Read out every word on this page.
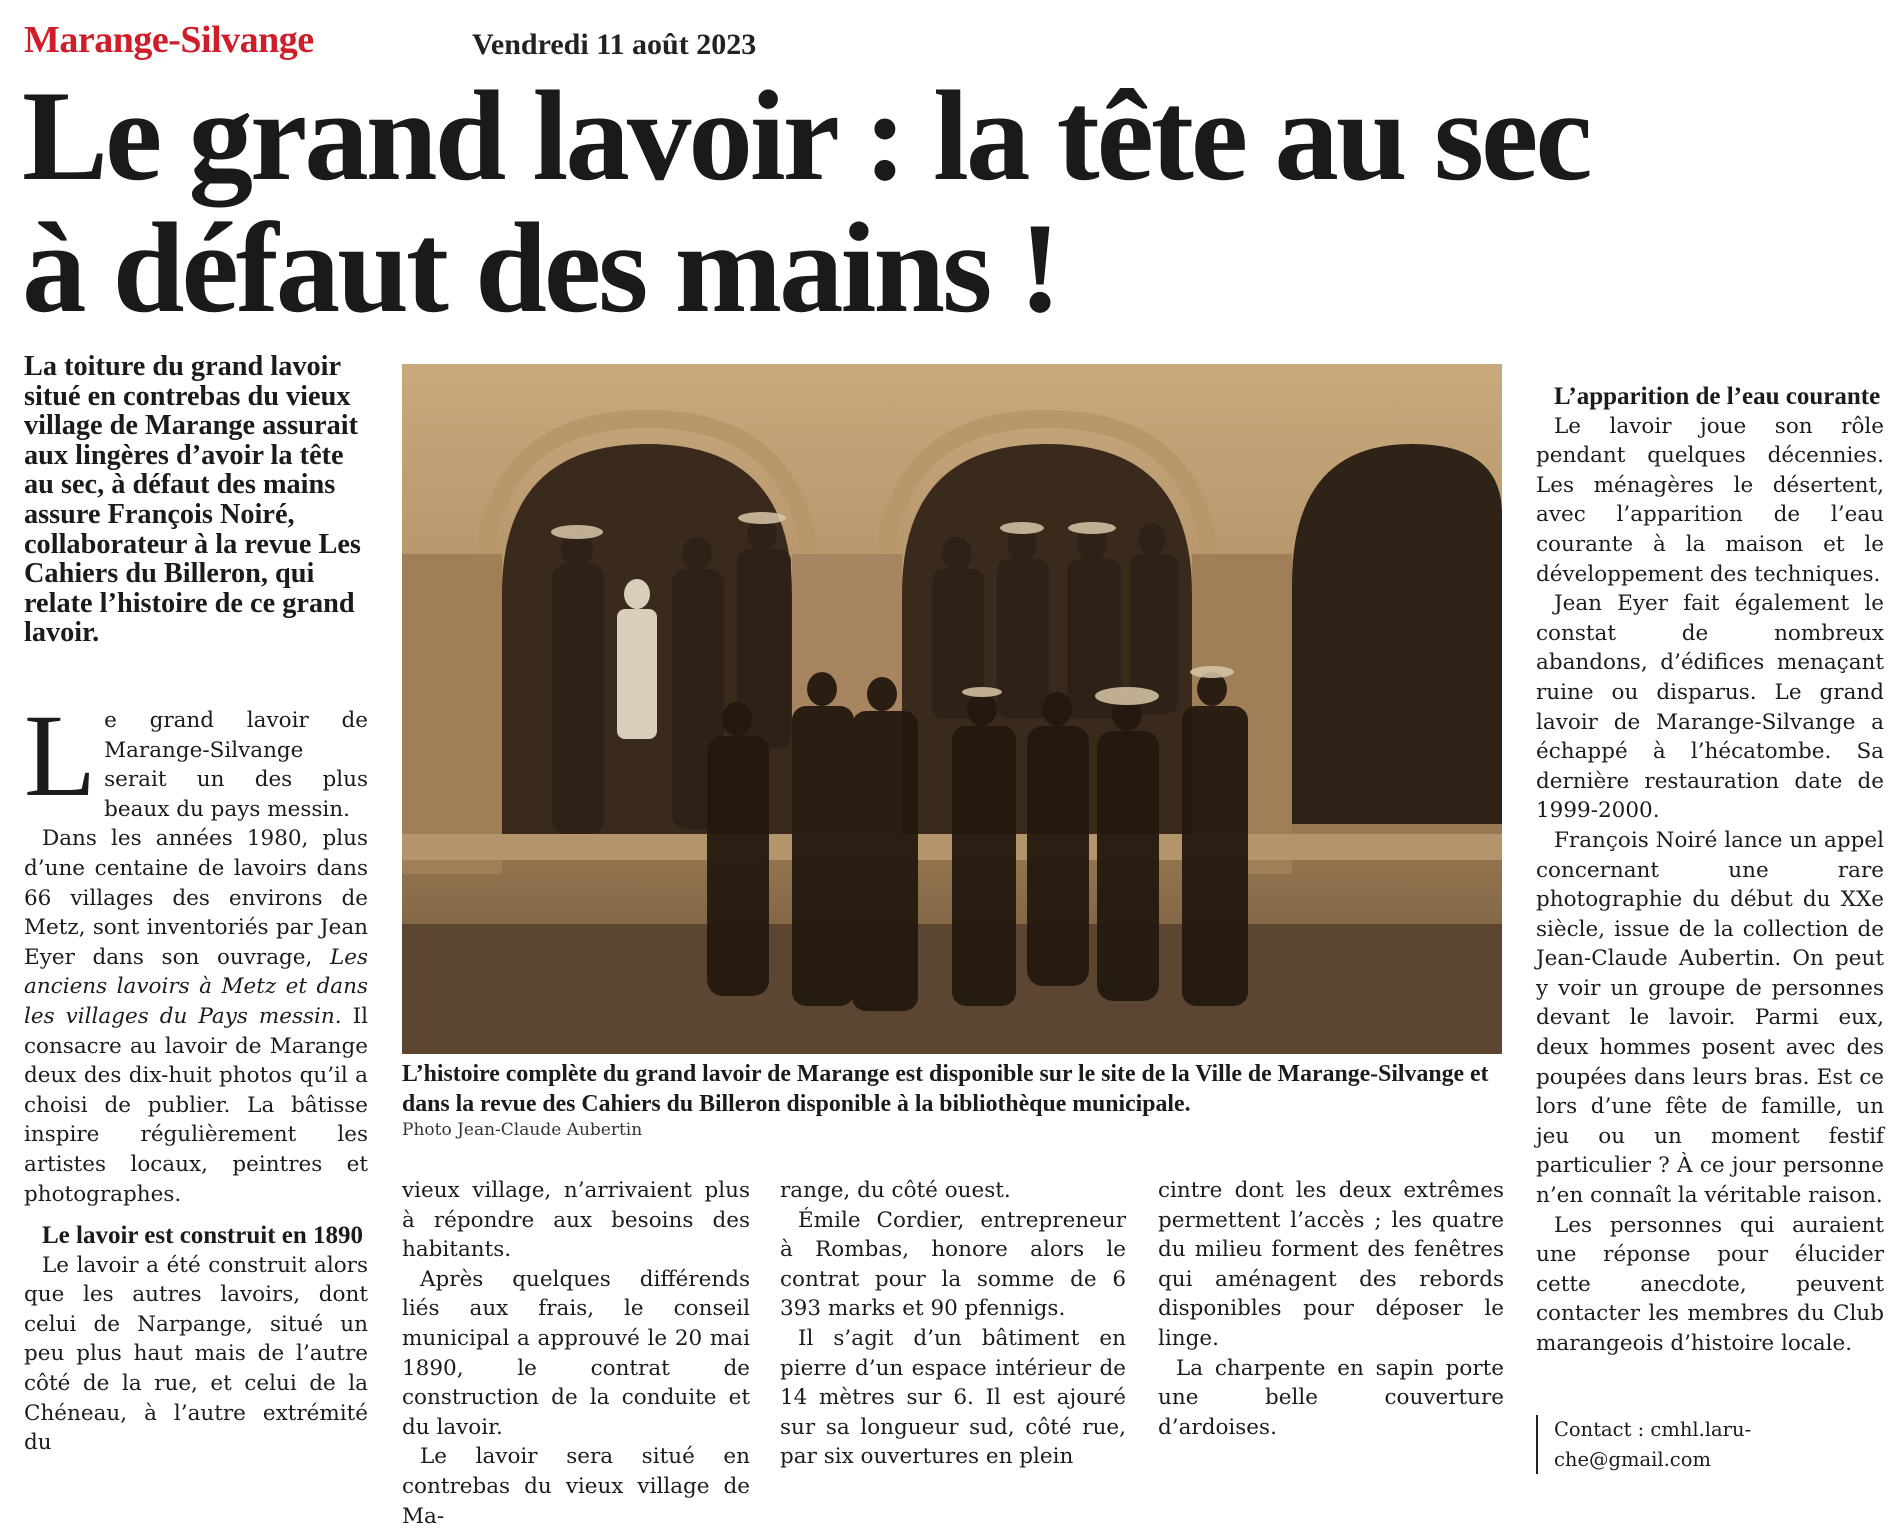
Marange-Silvange	Vendredi 11 août 2023
Le grand lavoir : la tête au sec
à défaut des mains !
La toiture du grand lavoir situé en contrebas du vieux village de Marange assurait aux lingères d’avoir la tête au sec, à défaut des mains assure François Noiré, collaborateur à la revue Les Cahiers du Billeron, qui relate l’histoire de ce grand lavoir.

Le grand lavoir de Marange-Silvange serait un des plus beaux du pays messin.

Dans les années 1980, plus d’une centaine de lavoirs dans 66 villages des environs de Metz, sont inventoriés par Jean Eyer dans son ouvrage, Les anciens lavoirs à Metz et dans les villages du Pays messin. Il consacre au lavoir de Marange deux des dix-huit photos qu’il a choisi de publier. La bâtisse inspire régulièrement les artistes locaux, peintres et photographes.

Le lavoir est construit en 1890

Le lavoir a été construit alors que les autres lavoirs, dont celui de Narpange, situé un peu plus haut mais de l’autre côté de la rue, et celui de la Chéneau, à l’autre extrémité du

L’histoire complète du grand lavoir de Marange est disponible sur le site de la Ville de Marange-Silvange et dans la revue des Cahiers du Billeron disponible à la bibliothèque municipale.
Photo Jean-Claude Aubertin

vieux village, n’arrivaient plus à répondre aux besoins des habitants.

Après quelques différends liés aux frais, le conseil municipal a approuvé le 20 mai 1890, le contrat de construction de la conduite et du lavoir.

Le lavoir sera situé en contrebas du vieux village de Ma-

range, du côté ouest.

Émile Cordier, entrepreneur à Rombas, honore alors le contrat pour la somme de 6 393 marks et 90 pfennigs.

Il s’agit d’un bâtiment en pierre d’un espace intérieur de 14 mètres sur 6. Il est ajouré sur sa longueur sud, côté rue, par six ouvertures en plein

cintre dont les deux extrêmes permettent l’accès ; les quatre du milieu forment des fenêtres qui aménagent des rebords disponibles pour déposer le linge.

La charpente en sapin porte une belle couverture d’ardoises.

L’apparition de l’eau courante

Le lavoir joue son rôle pendant quelques décennies. Les ménagères le désertent, avec l’apparition de l’eau courante à la maison et le développement des techniques.

Jean Eyer fait également le constat de nombreux abandons, d’édifices menaçant ruine ou disparus. Le grand lavoir de Marange-Silvange a échappé à l’hécatombe. Sa dernière restauration date de 1999-2000.

François Noiré lance un appel concernant une rare photographie du début du XXe siècle, issue de la collection de Jean-Claude Aubertin. On peut y voir un groupe de personnes devant le lavoir. Parmi eux, deux hommes posent avec des poupées dans leurs bras. Est ce lors d’une fête de famille, un jeu ou un moment festif particulier ? À ce jour personne n’en connaît la véritable raison.

Les personnes qui auraient une réponse pour élucider cette anecdote, peuvent contacter les membres du Club marangeois d’histoire locale.

Contact : cmhl.laru-
che@gmail.com
